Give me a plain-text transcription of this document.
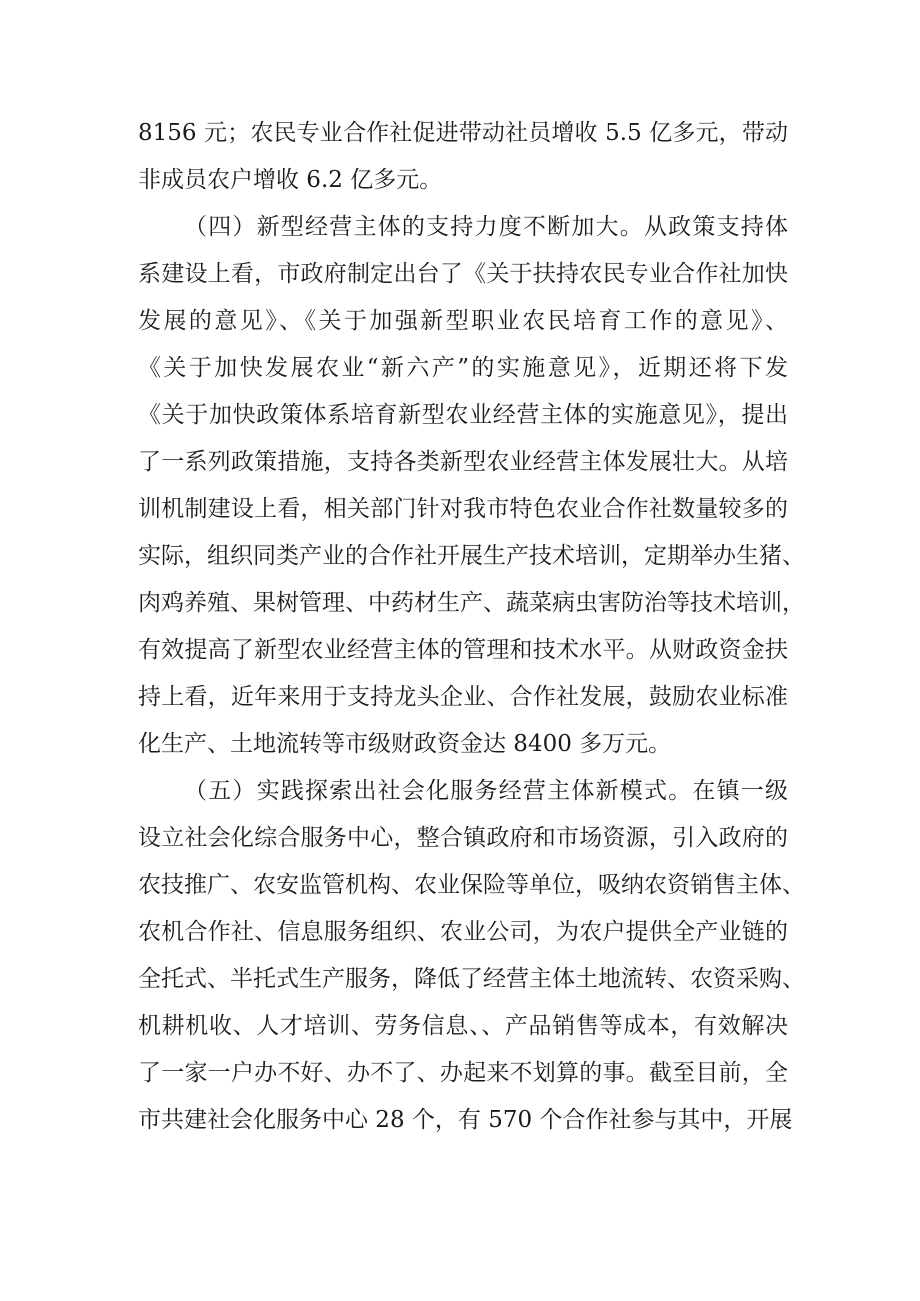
8156 元；农民专业合作社促进带动社员增收 5.5 亿多元，带动
非成员农户增收 6.2 亿多元。
（四）新型经营主体的支持力度不断加大。从政策支持体
系建设上看，市政府制定出台了《关于扶持农民专业合作社加快
发展的意见》、《关于加强新型职业农民培育工作的意见》、
《关于加快发展农业“新六产”的实施意见》，近期还将下发
《关于加快政策体系培育新型农业经营主体的实施意见》，提出
了一系列政策措施，支持各类新型农业经营主体发展壮大。从培
训机制建设上看，相关部门针对我市特色农业合作社数量较多的
实际，组织同类产业的合作社开展生产技术培训，定期举办生猪、
肉鸡养殖、果树管理、中药材生产、蔬菜病虫害防治等技术培训，
有效提高了新型农业经营主体的管理和技术水平。从财政资金扶
持上看，近年来用于支持龙头企业、合作社发展，鼓励农业标准
化生产、土地流转等市级财政资金达 8400 多万元。
（五）实践探索出社会化服务经营主体新模式。在镇一级
设立社会化综合服务中心，整合镇政府和市场资源，引入政府的
农技推广、农安监管机构、农业保险等单位，吸纳农资销售主体、
农机合作社、信息服务组织、农业公司，为农户提供全产业链的
全托式、半托式生产服务，降低了经营主体土地流转、农资采购、
机耕机收、人才培训、劳务信息、、产品销售等成本，有效解决
了一家一户办不好、办不了、办起来不划算的事。截至目前，全
市共建社会化服务中心 28 个，有 570 个合作社参与其中，开展
